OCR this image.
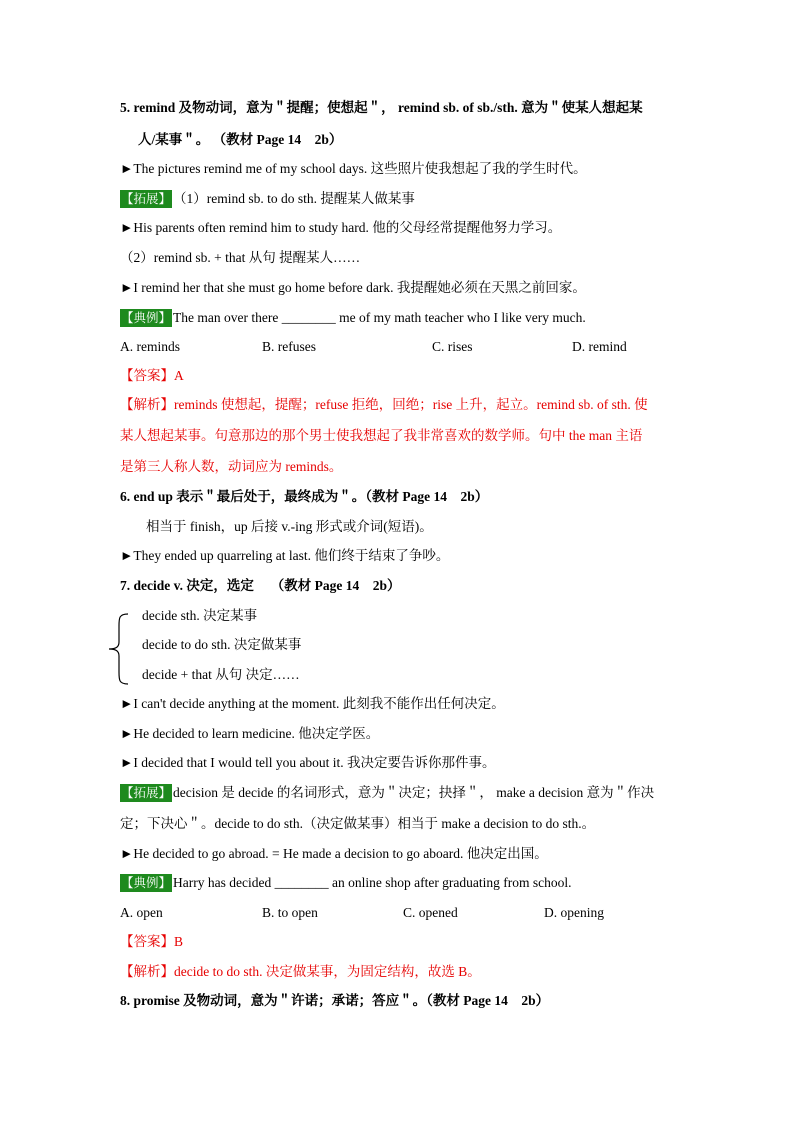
5. remind 及物动词，意为＂提醒；使想起＂， remind sb. of sb./sth. 意为＂使某人想起某
人/某事＂。 （教材 Page 14　2b）
►The pictures remind me of my school days. 这些照片使我想起了我的学生时代。
【拓展】 （1）remind sb. to do sth. 提醒某人做某事
►His parents often remind him to study hard. 他的父母经常提醒他努力学习。
（2）remind sb. + that 从句 提醒某人……
►I remind her that she must go home before dark. 我提醒她必须在天黑之前回家。
【典例】 The man over there ________ me of my math teacher who I like very much.
A. reminds	B. refuses	C. rises	D. remind
【答案】A
【解析】reminds 使想起，提醒；refuse 拒绝，回绝；rise 上升，起立。remind sb. of sth. 使
某人想起某事。句意那边的那个男士使我想起了我非常喜欢的数学师。句中 the man 主语
是第三人称人数，动词应为 reminds。
6. end up 表示＂最后处于，最终成为＂。（教材 Page 14　2b）
相当于 finish，up 后接 v.-ing 形式或介词(短语)。
►They ended up quarreling at last. 他们终于结束了争吵。
7. decide v. 决定，选定　 （教材 Page 14　2b）
decide sth. 决定某事
decide to do sth. 决定做某事
decide + that 从句 决定……
►I can't decide anything at the moment. 此刻我不能作出任何决定。
►He decided to learn medicine. 他决定学医。
►I decided that I would tell you about it. 我决定要告诉你那件事。
【拓展】 decision 是 decide 的名词形式，意为＂决定；抉择＂， make a decision 意为＂作决
定；下决心＂。decide to do sth.（决定做某事）相当于 make a decision to do sth.。
►He decided to go abroad. = He made a decision to go aboard. 他决定出国。
【典例】 Harry has decided ________ an online shop after graduating from school.
A. open	B. to open	C. opened	D. opening
【答案】B
【解析】decide to do sth. 决定做某事，为固定结构，故选 B。
8. promise 及物动词，意为＂许诺；承诺；答应＂。（教材 Page 14　2b）
